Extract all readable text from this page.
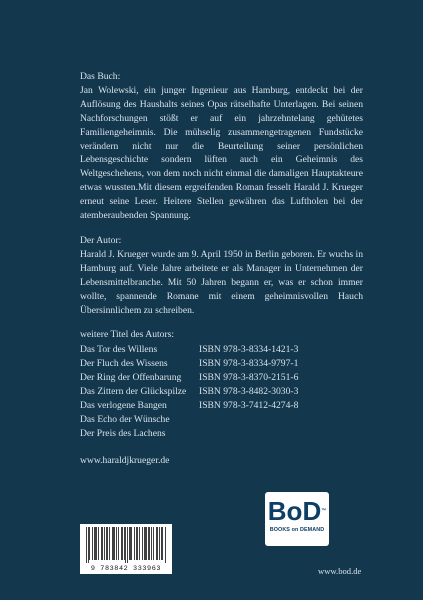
Das Buch:

Jan Wolewski, ein junger Ingenieur aus Hamburg, entdeckt bei der Auflösung des Haushalts seines Opas rätselhafte Unterlagen. Bei seinen Nachforschungen stößt er auf ein jahrzehntelang gehütetes Familiengeheimnis. Die mühselig zusammengetragenen Fundstücke verändern nicht nur die Beurteilung seiner persönlichen Lebensgeschichte sondern lüften auch ein Geheimnis des Weltgeschehens, von dem noch nicht einmal die damaligen Hauptakteure etwas wussten.Mit diesem ergreifenden Roman fesselt Harald J. Krueger erneut seine Leser. Heitere Stellen gewähren das Luftholen bei der atemberaubenden Spannung.

Der Autor:

Harald J. Krueger wurde am 9. April 1950 in Berlin geboren. Er wuchs in Hamburg auf. Viele Jahre arbeitete er als Manager in Unternehmen der Lebensmittelbranche. Mit 50 Jahren begann er, was er schon immer wollte, spannende Romane mit einem geheimnisvollen Hauch Übersinnlichem zu schreiben.

weitere Titel des Autors:
Das Tor des Willens	ISBN 978-3-8334-1421-3
Der Fluch des Wissens	ISBN 978-3-8334-9797-1
Der Ring der Offenbarung	ISBN 978-3-8370-2151-6
Das Zittern der Glückspilze	ISBN 978-3-8482-3030-3
Das verlogene Bangen	ISBN 978-3-7412-4274-8
Das Echo der Wünsche
Der Preis des Lachens
www.haraldjkrueger.de
BoD™
BOOKS on DEMAND
9 783842 333963	www.bod.de
